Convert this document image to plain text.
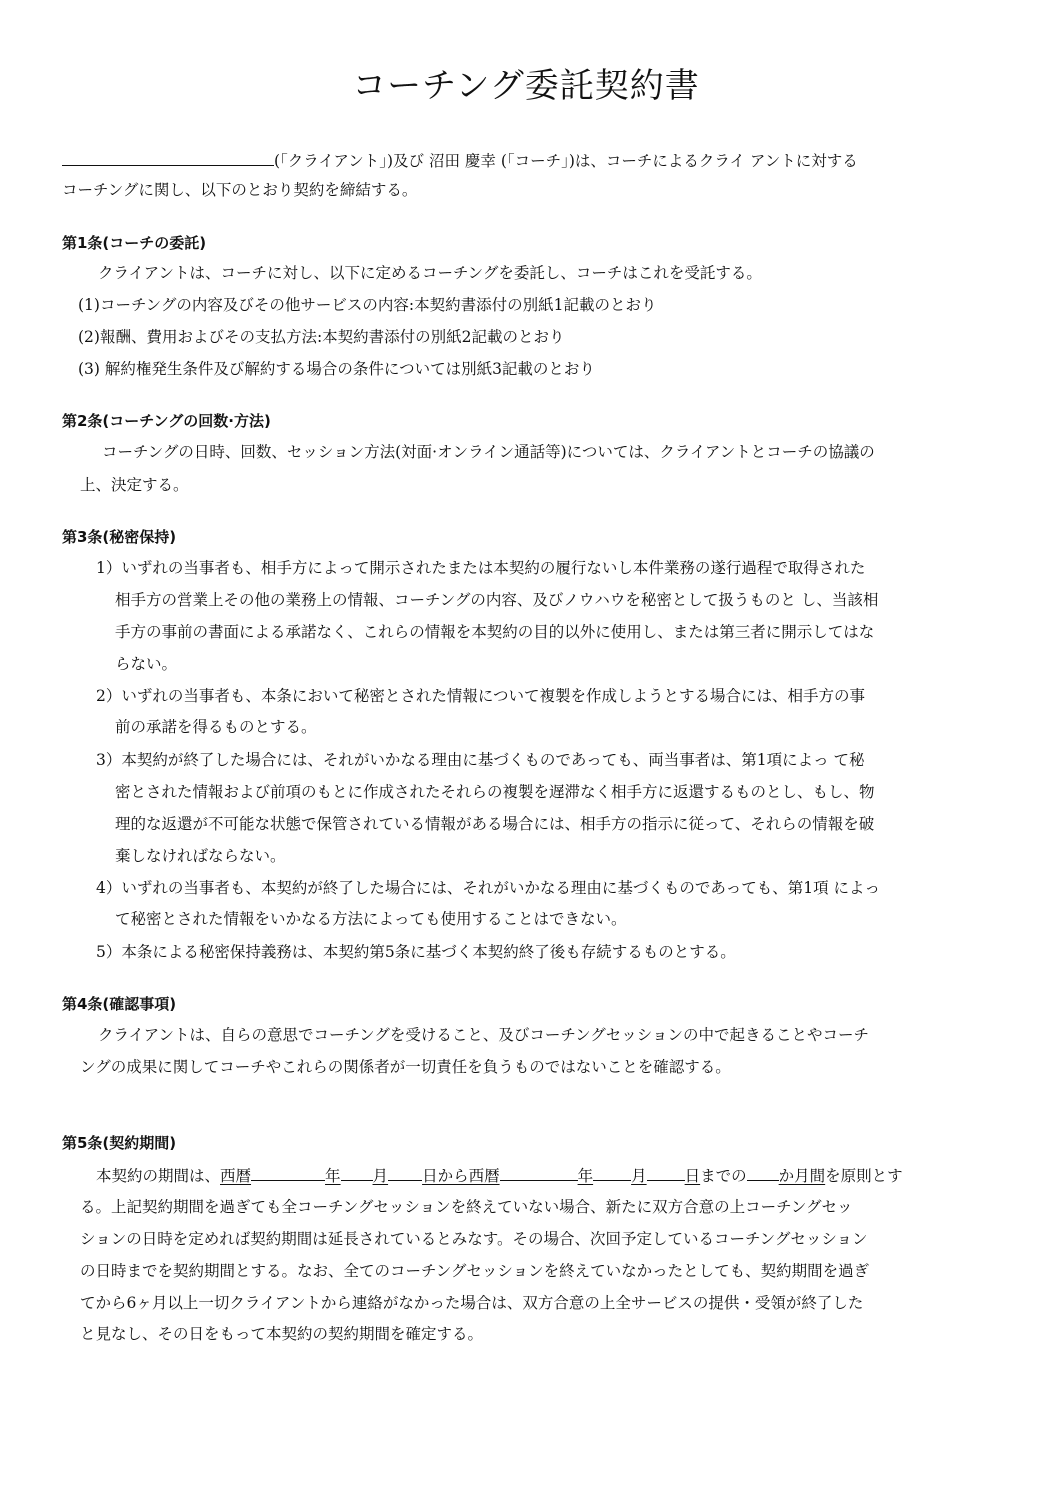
コーチング委託契約書
(「クライアント」)及び 沼田 慶幸 (「コーチ」)は、コーチによるクライ アントに対する
コーチングに関し、以下のとおり契約を締結する。
第1条(コーチの委託)
クライアントは、コーチに対し、以下に定めるコーチングを委託し、コーチはこれを受託する。
(1)コーチングの内容及びその他サービスの内容:本契約書添付の別紙1記載のとおり
(2)報酬、費用およびその支払方法:本契約書添付の別紙2記載のとおり
(3) 解約権発生条件及び解約する場合の条件については別紙3記載のとおり
第2条(コーチングの回数·方法)
コーチングの日時、回数、セッション方法(対面·オンライン通話等)については、クライアントとコーチの協議の
上、決定する。
第3条(秘密保持)
1）いずれの当事者も、相手方によって開示されたまたは本契約の履行ないし本件業務の遂行過程で取得された
相手方の営業上その他の業務上の情報、コーチングの内容、及びノウハウを秘密として扱うものと し、当該相
手方の事前の書面による承諾なく、これらの情報を本契約の目的以外に使用し、または第三者に開示してはな
らない。
2）いずれの当事者も、本条において秘密とされた情報について複製を作成しようとする場合には、相手方の事
前の承諾を得るものとする。
3）本契約が終了した場合には、それがいかなる理由に基づくものであっても、両当事者は、第1項によっ て秘
密とされた情報および前項のもとに作成されたそれらの複製を遅滞なく相手方に返還するものとし、もし、物
理的な返還が不可能な状態で保管されている情報がある場合には、相手方の指示に従って、それらの情報を破
棄しなければならない。
4）いずれの当事者も、本契約が終了した場合には、それがいかなる理由に基づくものであっても、第1項 によっ
て秘密とされた情報をいかなる方法によっても使用することはできない。
5）本条による秘密保持義務は、本契約第5条に基づく本契約終了後も存続するものとする。
第4条(確認事項)
クライアントは、自らの意思でコーチングを受けること、及びコーチングセッションの中で起きることやコーチ
ングの成果に関してコーチやこれらの関係者が一切責任を負うものではないことを確認する。
第5条(契約期間)
本契約の期間は、西暦	年 月 日から西暦	年 月 日までの か月間を原則とす
る。上記契約期間を過ぎても全コーチングセッションを終えていない場合、新たに双方合意の上コーチングセッ
ションの日時を定めれば契約期間は延長されているとみなす。その場合、次回予定しているコーチングセッション
の日時までを契約期間とする。なお、全てのコーチングセッションを終えていなかったとしても、契約期間を過ぎ
てから6ヶ月以上一切クライアントから連絡がなかった場合は、双方合意の上全サービスの提供・受領が終了した
と見なし、その日をもって本契約の契約期間を確定する。
